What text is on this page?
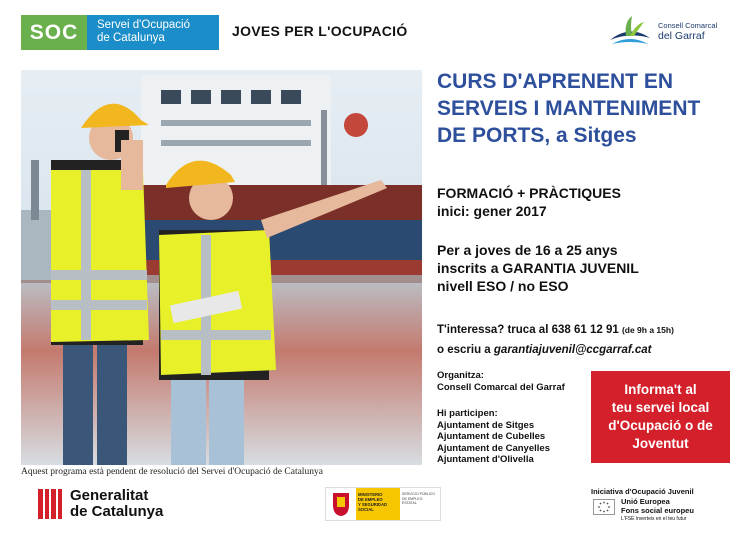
SOC	Servei d'Ocupació
de Catalunya	JOVES PER L'OCUPACIÓ	Consell Comarcal
del Garraf
Aquest programa està pendent de resolució del Servei d'Ocupació de Catalunya
CURS D'APRENENT EN
SERVEIS I MANTENIMENT
DE PORTS, a Sitges
FORMACIÓ + PRÀCTIQUES
inici: gener 2017
Per a joves de 16 a 25 anys
inscrits a GARANTIA JUVENIL
nivell ESO / no ESO
T'interessa? truca al 638 61 12 91 (de 9h a 15h)
o escriu a garantiajuvenil@ccgarraf.cat
Organitza:
Consell Comarcal del Garraf
Hi participen:
Ajuntament de Sitges
Ajuntament de Cubelles
Ajuntament de Canyelles
Ajuntament d'Olivella
Informa't al
teu servei local
d'Ocupació o de
Joventut
Generalitat
de Catalunya
MINISTERIO
DE EMPLEO
Y SEGURIDAD SOCIAL
SERVICIO PÚBLICO
DE EMPLEO ESTATAL
Iniciativa d'Ocupació Juvenil
Unió Europea
Fons social europeu
L'FSE inverteix en el teu futur
